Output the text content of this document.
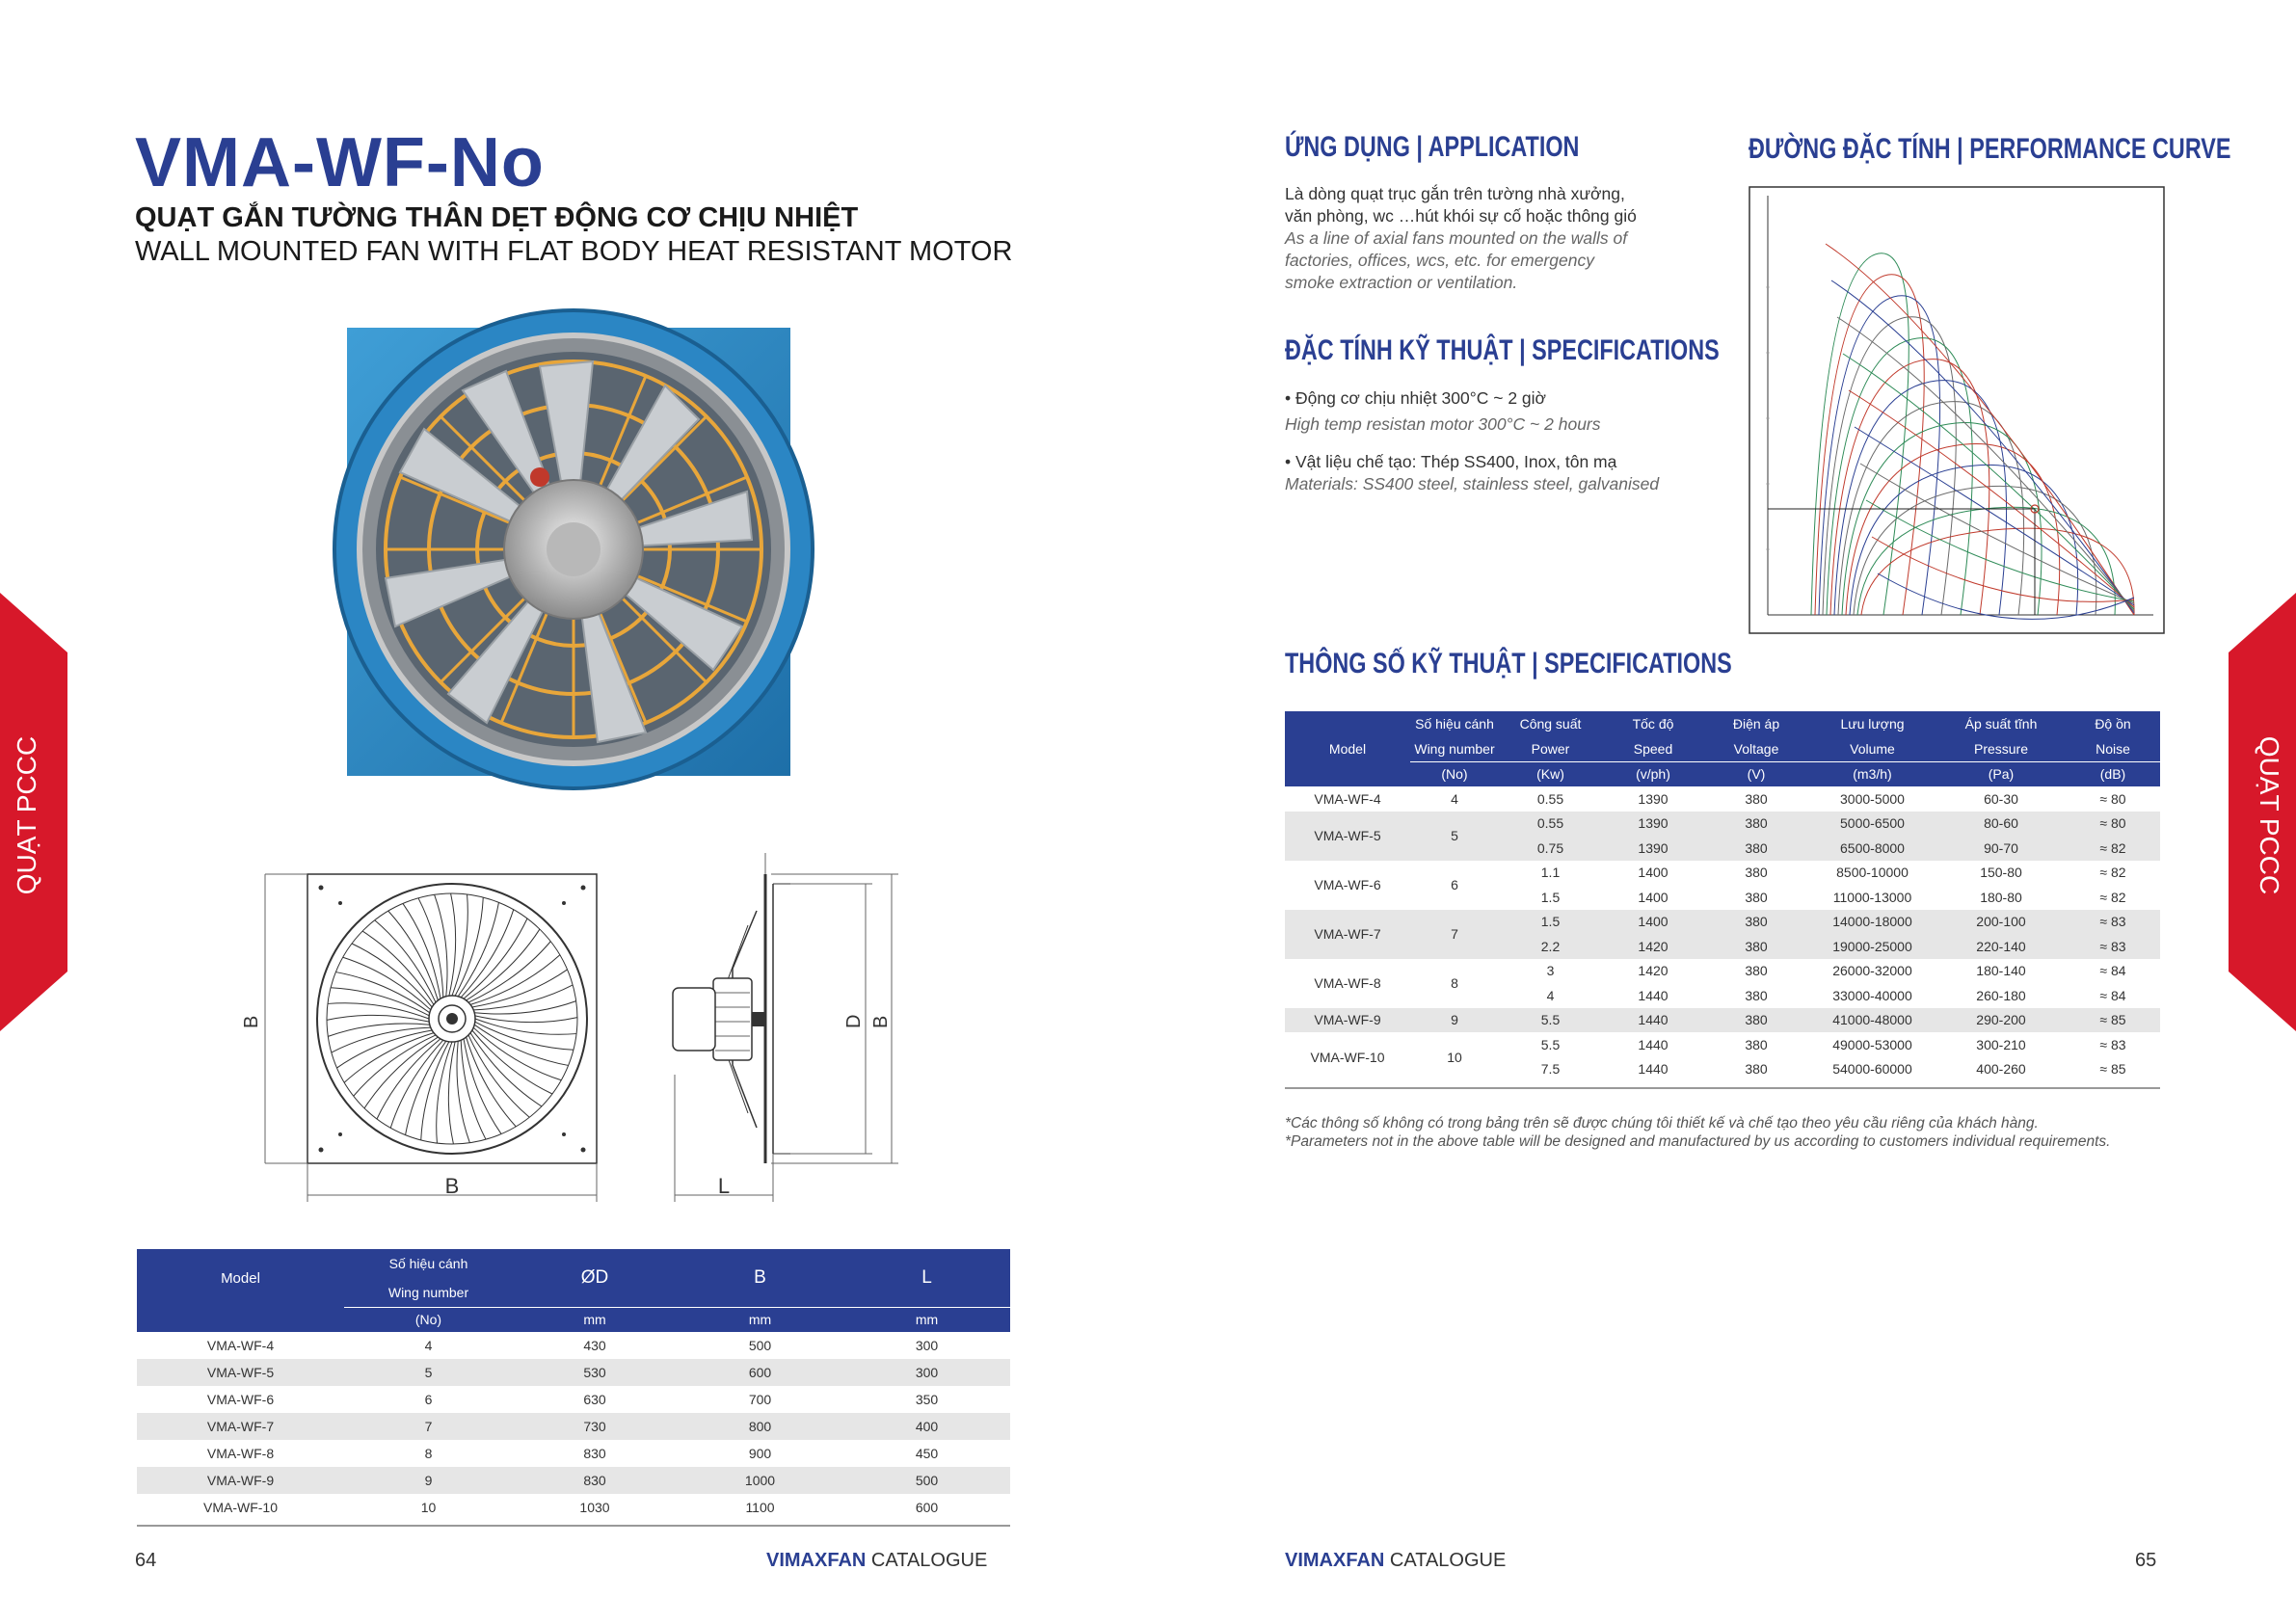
VMA-WF-No
QUẠT GẮN TƯỜNG THÂN DẸT ĐỘNG CƠ CHỊU NHIỆT
WALL MOUNTED FAN WITH FLAT BODY HEAT RESISTANT MOTOR
B
B
D B
L
Model	Số hiệu cánh	ØD	B	L
	Wing number			
	(No)	mm	mm	mm
VMA-WF-4	4	430	500	300
VMA-WF-5	5	530	600	300
VMA-WF-6	6	630	700	350
VMA-WF-7	7	730	800	400
VMA-WF-8	8	830	900	450
VMA-WF-9	9	830	1000	500
VMA-WF-10	10	1030	1100	600
64	VIMAXFAN CATALOGUE
QUẠT PCCC
ỨNG DỤNG | APPLICATION
Là dòng quạt trục gắn trên tường nhà xưởng,
văn phòng, wc …hút khói sự cố hoặc thông gió
As a line of axial fans mounted on the walls of
factories, offices, wcs, etc. for emergency
smoke extraction or ventilation.
ĐẶC TÍNH KỸ THUẬT | SPECIFICATIONS
• Động cơ chịu nhiệt 300°C ~ 2 giờ
High temp resistan motor 300°C ~ 2 hours
• Vật liệu chế tạo: Thép SS400, Inox, tôn mạ
Materials: SS400 steel, stainless steel, galvanised
ĐƯỜNG ĐẶC TÍNH | PERFORMANCE CURVE
THÔNG SỐ KỸ THUẬT | SPECIFICATIONS
Model	Số hiệu cánh	Công suất	Tốc độ	Điện áp	Lưu lượng	Áp suất tĩnh	Độ ồn
	Wing number	Power	Speed	Voltage	Volume	Pressure	Noise
	(No)	(Kw)	(v/ph)	(V)	(m3/h)	(Pa)	(dB)
VMA-WF-4	4	0.55	1390	380	3000-5000	60-30	≈ 80
VMA-WF-5	5	0.55	1390	380	5000-6500	80-60	≈ 80
		0.75	1390	380	6500-8000	90-70	≈ 82
VMA-WF-6	6	1.1	1400	380	8500-10000	150-80	≈ 82
		1.5	1400	380	11000-13000	180-80	≈ 82
VMA-WF-7	7	1.5	1400	380	14000-18000	200-100	≈ 83
		2.2	1420	380	19000-25000	220-140	≈ 83
VMA-WF-8	8	3	1420	380	26000-32000	180-140	≈ 84
		4	1440	380	33000-40000	260-180	≈ 84
VMA-WF-9	9	5.5	1440	380	41000-48000	290-200	≈ 85
VMA-WF-10	10	5.5	1440	380	49000-53000	300-210	≈ 83
		7.5	1440	380	54000-60000	400-260	≈ 85
*Các thông số không có trong bảng trên sẽ được chúng tôi thiết kế và chế tạo theo yêu cầu riêng của khách hàng.
*Parameters not in the above table will be designed and manufactured by us according to customers individual requirements.
VIMAXFAN CATALOGUE	65
QUẠT PCCC
